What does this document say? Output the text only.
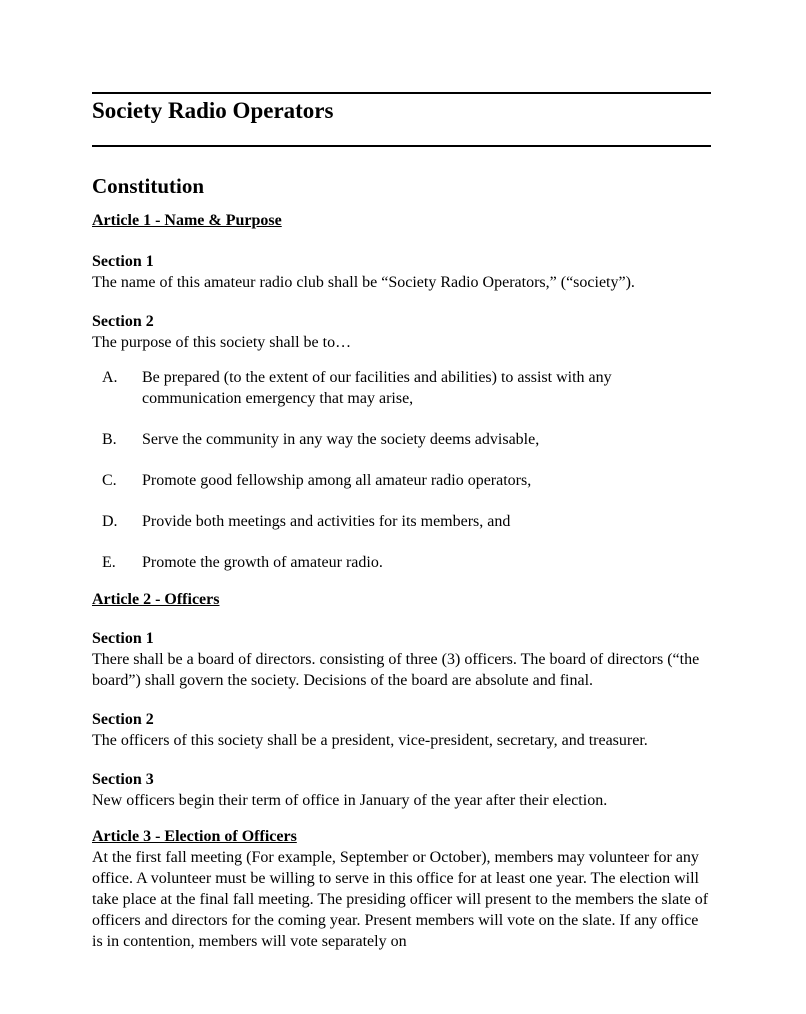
Society Radio Operators
Constitution

Article 1 - Name & Purpose

Section 1

The name of this amateur radio club shall be “Society Radio Operators,” (“society”).

Section 2

The purpose of this society shall be to…

A. Be prepared (to the extent of our facilities and abilities) to assist with any communication emergency that may arise,
B. Serve the community in any way the society deems advisable,
C. Promote good fellowship among all amateur radio operators,
D. Provide both meetings and activities for its members, and
E. Promote the growth of amateur radio.

Article 2 - Officers

Section 1

There shall be a board of directors. consisting of three (3) officers. The board of directors (“the board”) shall govern the society. Decisions of the board are absolute and final.

Section 2

The officers of this society shall be a president, vice-president, secretary, and treasurer.

Section 3

New officers begin their term of office in January of the year after their election.

Article 3 - Election of Officers

At the first fall meeting (For example, September or October), members may volunteer for any office. A volunteer must be willing to serve in this office for at least one year. The election will take place at the final fall meeting. The presiding officer will present to the members the slate of officers and directors for the coming year. Present members will vote on the slate. If any office is in contention, members will vote separately on
